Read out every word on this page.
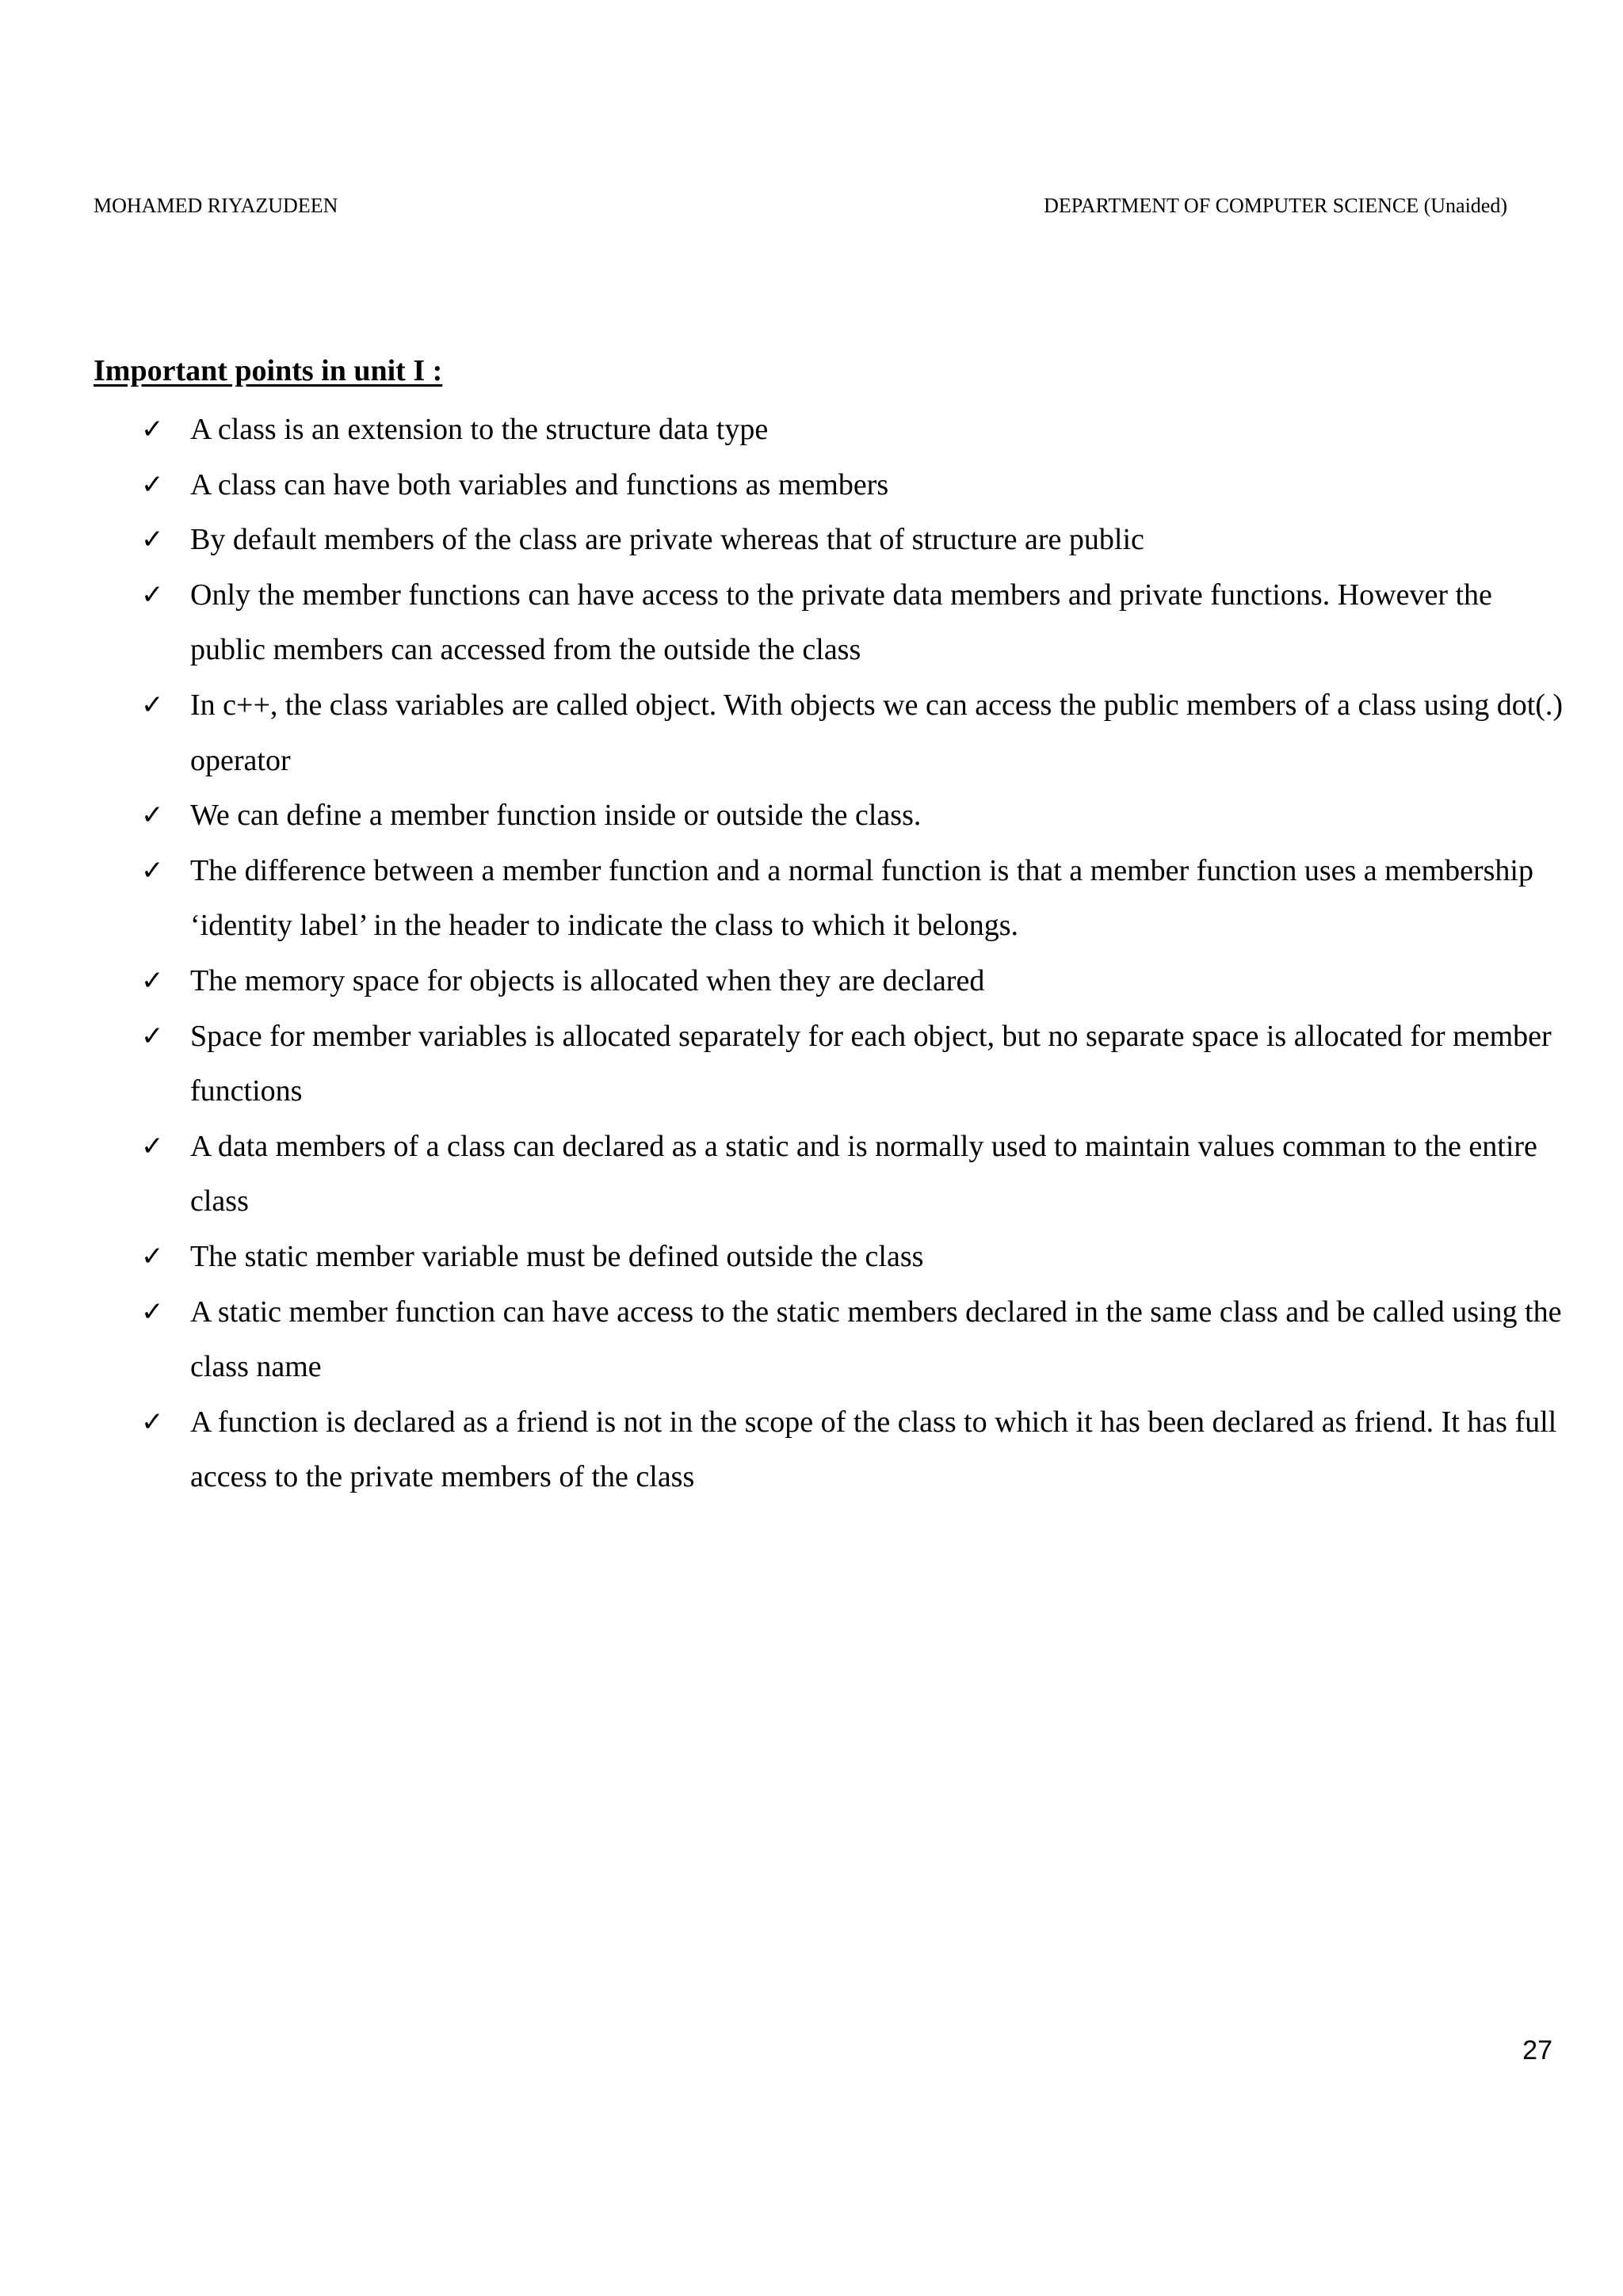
MOHAMED RIYAZUDEEN	DEPARTMENT OF COMPUTER SCIENCE (Unaided)
Important points in unit I :
✓ A class is an extension to the structure data type
✓ A class can have both variables and functions as members
✓ By default members of the class are private whereas that of structure are public
✓ Only the member functions can have access to the private data members and private functions. However the public members can accessed from the outside the class
✓ In c++, the class variables are called object. With objects we can access the public members of a class using dot(.) operator
✓ We can define a member function inside or outside the class.
✓ The difference between a member function and a normal function is that a member function uses a membership ‘identity label’ in the header to indicate the class to which it belongs.
✓ The memory space for objects is allocated when they are declared
✓ Space for member variables is allocated separately for each object, but no separate space is allocated for member functions
✓ A data members of a class can declared as a static and is normally used to maintain values comman to the entire class
✓ The static member variable must be defined outside the class
✓ A static member function can have access to the static members declared in the same class and be called using the class name
✓ A function is declared as a friend is not in the scope of the class to which it has been declared as friend. It has full access to the private members of the class
27
